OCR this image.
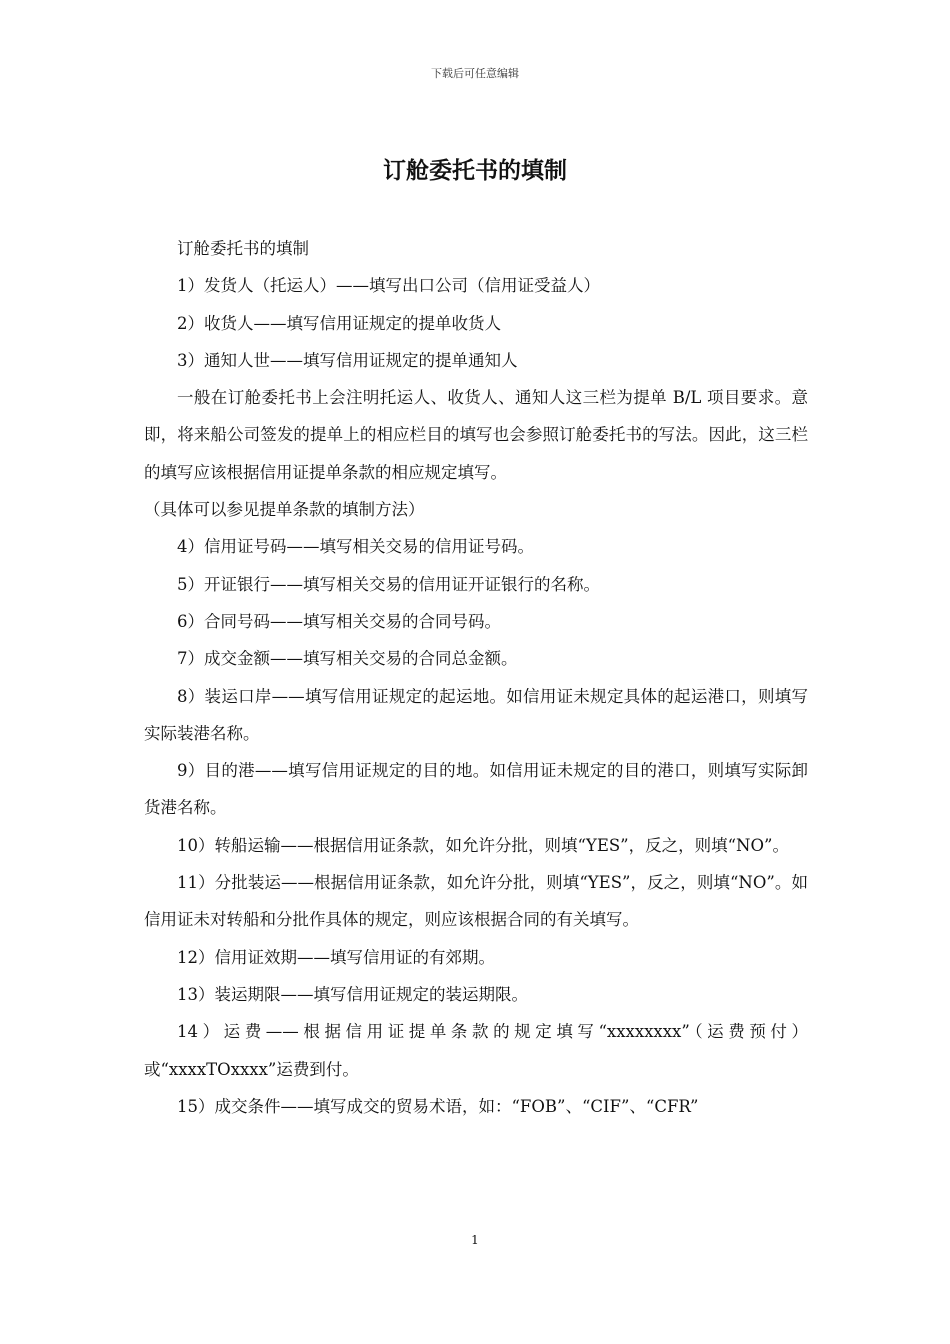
下载后可任意编辑
订舱委托书的填制

订舱委托书的填制

1）发货人（托运人）——填写出口公司（信用证受益人）

2）收货人——填写信用证规定的提单收货人

3）通知人世——填写信用证规定的提单通知人

一般在订舱委托书上会注明托运人、收货人、通知人这三栏为提单 B/L 项目要求。意即，将来船公司签发的提单上的相应栏目的填写也会参照订舱委托书的写法。因此，这三栏的填写应该根据信用证提单条款的相应规定填写。

（具体可以参见提单条款的填制方法）

4）信用证号码——填写相关交易的信用证号码。

5）开证银行——填写相关交易的信用证开证银行的名称。

6）合同号码——填写相关交易的合同号码。

7）成交金额——填写相关交易的合同总金额。

8）装运口岸——填写信用证规定的起运地。如信用证未规定具体的起运港口，则填写实际装港名称。

9）目的港——填写信用证规定的目的地。如信用证未规定的目的港口，则填写实际卸货港名称。

10）转船运输——根据信用证条款，如允许分批，则填“YES”，反之，则填“NO”。

11）分批装运——根据信用证条款，如允许分批，则填“YES”，反之，则填“NO”。如信用证未对转船和分批作具体的规定，则应该根据合同的有关填写。

12）信用证效期——填写信用证的有郊期。

13）装运期限——填写信用证规定的装运期限。

14）运费——根据信用证提单条款的规定填写“xxxxxxxx”（运费预付）或“xxxxTOxxxx”运费到付。

15）成交条件——填写成交的贸易术语，如：“FOB”、“CIF”、“CFR”

1
